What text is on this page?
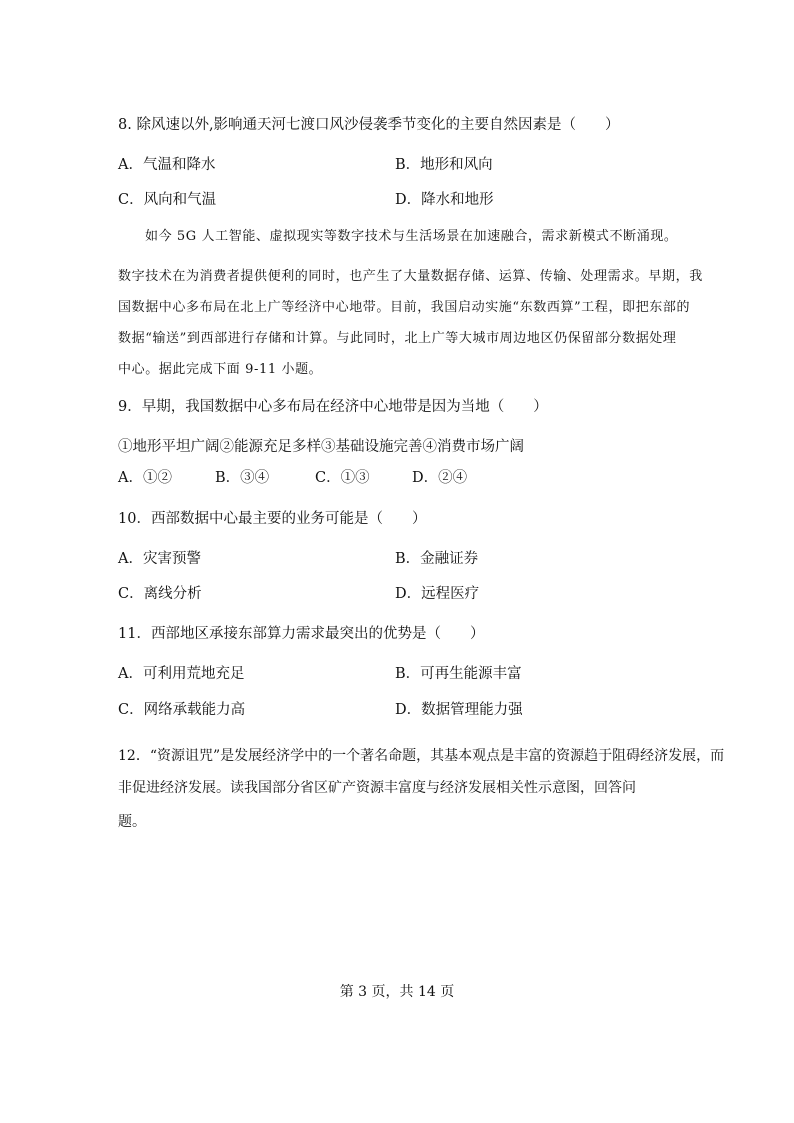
8. 除风速以外,影响通天河七渡口风沙侵袭季节变化的主要自然因素是（　　）
A．气温和降水	B．地形和风向
C．风向和气温	D．降水和地形
如今 5G 人工智能、虚拟现实等数字技术与生活场景在加速融合，需求新模式不断涌现。
数字技术在为消费者提供便利的同时，也产生了大量数据存储、运算、传输、处理需求。早期，我
国数据中心多布局在北上广等经济中心地带。目前，我国启动实施“东数西算”工程，即把东部的
数据“输送”到西部进行存储和计算。与此同时，北上广等大城市周边地区仍保留部分数据处理
中心。据此完成下面 9-11 小题。
9．早期，我国数据中心多布局在经济中心地带是因为当地（　　）
①地形平坦广阔②能源充足多样③基础设施完善④消费市场广阔
A．①②	B．③④	C．①③	D．②④
10．西部数据中心最主要的业务可能是（　　）
A．灾害预警	B．金融证券
C．离线分析	D．远程医疗
11．西部地区承接东部算力需求最突出的优势是（　　）
A．可利用荒地充足	B．可再生能源丰富
C．网络承载能力高	D．数据管理能力强
12．“资源诅咒”是发展经济学中的一个著名命题，其基本观点是丰富的资源趋于阻碍经济发展，而
非促进经济发展。读我国部分省区矿产资源丰富度与经济发展相关性示意图，回答问
题。
第 3 页，共 14 页
